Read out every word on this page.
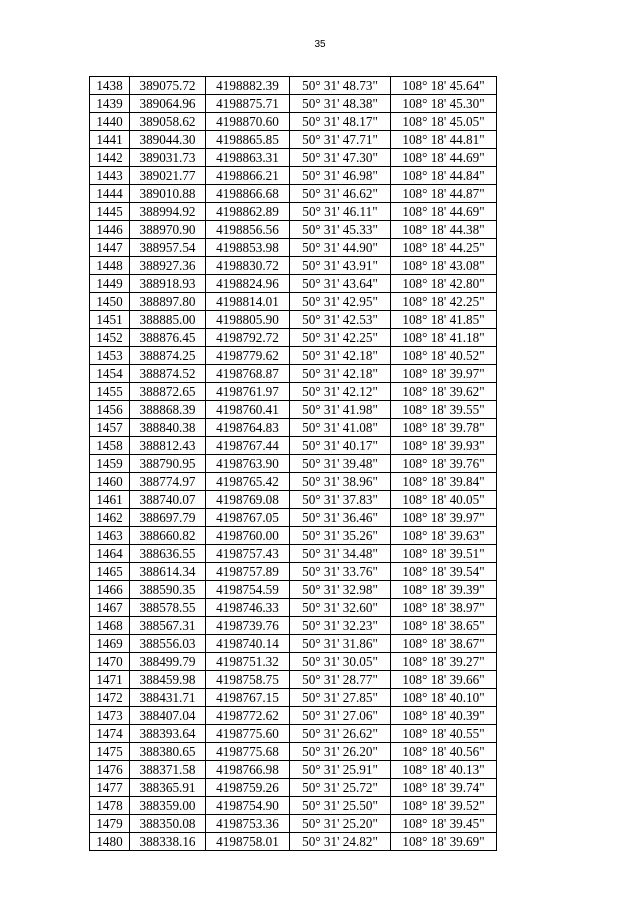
35
1438	389075.72	4198882.39	50° 31' 48.73"	108° 18' 45.64"
1439	389064.96	4198875.71	50° 31' 48.38"	108° 18' 45.30"
1440	389058.62	4198870.60	50° 31' 48.17"	108° 18' 45.05"
1441	389044.30	4198865.85	50° 31' 47.71"	108° 18' 44.81"
1442	389031.73	4198863.31	50° 31' 47.30"	108° 18' 44.69"
1443	389021.77	4198866.21	50° 31' 46.98"	108° 18' 44.84"
1444	389010.88	4198866.68	50° 31' 46.62"	108° 18' 44.87"
1445	388994.92	4198862.89	50° 31' 46.11"	108° 18' 44.69"
1446	388970.90	4198856.56	50° 31' 45.33"	108° 18' 44.38"
1447	388957.54	4198853.98	50° 31' 44.90"	108° 18' 44.25"
1448	388927.36	4198830.72	50° 31' 43.91"	108° 18' 43.08"
1449	388918.93	4198824.96	50° 31' 43.64"	108° 18' 42.80"
1450	388897.80	4198814.01	50° 31' 42.95"	108° 18' 42.25"
1451	388885.00	4198805.90	50° 31' 42.53"	108° 18' 41.85"
1452	388876.45	4198792.72	50° 31' 42.25"	108° 18' 41.18"
1453	388874.25	4198779.62	50° 31' 42.18"	108° 18' 40.52"
1454	388874.52	4198768.87	50° 31' 42.18"	108° 18' 39.97"
1455	388872.65	4198761.97	50° 31' 42.12"	108° 18' 39.62"
1456	388868.39	4198760.41	50° 31' 41.98"	108° 18' 39.55"
1457	388840.38	4198764.83	50° 31' 41.08"	108° 18' 39.78"
1458	388812.43	4198767.44	50° 31' 40.17"	108° 18' 39.93"
1459	388790.95	4198763.90	50° 31' 39.48"	108° 18' 39.76"
1460	388774.97	4198765.42	50° 31' 38.96"	108° 18' 39.84"
1461	388740.07	4198769.08	50° 31' 37.83"	108° 18' 40.05"
1462	388697.79	4198767.05	50° 31' 36.46"	108° 18' 39.97"
1463	388660.82	4198760.00	50° 31' 35.26"	108° 18' 39.63"
1464	388636.55	4198757.43	50° 31' 34.48"	108° 18' 39.51"
1465	388614.34	4198757.89	50° 31' 33.76"	108° 18' 39.54"
1466	388590.35	4198754.59	50° 31' 32.98"	108° 18' 39.39"
1467	388578.55	4198746.33	50° 31' 32.60"	108° 18' 38.97"
1468	388567.31	4198739.76	50° 31' 32.23"	108° 18' 38.65"
1469	388556.03	4198740.14	50° 31' 31.86"	108° 18' 38.67"
1470	388499.79	4198751.32	50° 31' 30.05"	108° 18' 39.27"
1471	388459.98	4198758.75	50° 31' 28.77"	108° 18' 39.66"
1472	388431.71	4198767.15	50° 31' 27.85"	108° 18' 40.10"
1473	388407.04	4198772.62	50° 31' 27.06"	108° 18' 40.39"
1474	388393.64	4198775.60	50° 31' 26.62"	108° 18' 40.55"
1475	388380.65	4198775.68	50° 31' 26.20"	108° 18' 40.56"
1476	388371.58	4198766.98	50° 31' 25.91"	108° 18' 40.13"
1477	388365.91	4198759.26	50° 31' 25.72"	108° 18' 39.74"
1478	388359.00	4198754.90	50° 31' 25.50"	108° 18' 39.52"
1479	388350.08	4198753.36	50° 31' 25.20"	108° 18' 39.45"
1480	388338.16	4198758.01	50° 31' 24.82"	108° 18' 39.69"
